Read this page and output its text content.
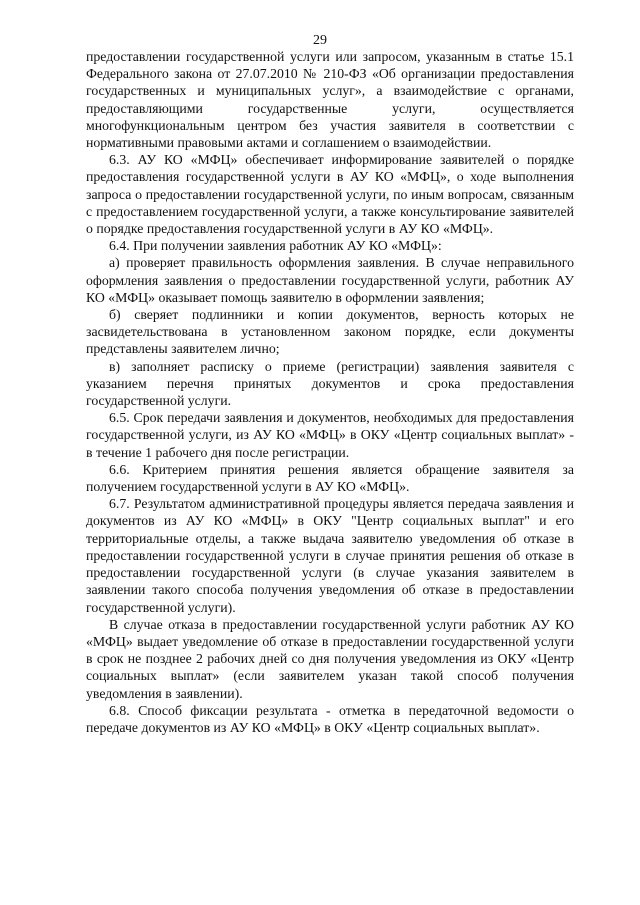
29

предоставлении государственной услуги или запросом, указанным в статье 15.1 Федерального закона от 27.07.2010 № 210-ФЗ «Об организации предоставления государственных и муниципальных услуг», а взаимодействие с органами, предоставляющими государственные услуги, осуществляется многофункциональным центром без участия заявителя в соответствии с нормативными правовыми актами и соглашением о взаимодействии.

6.3. АУ КО «МФЦ» обеспечивает информирование заявителей о порядке предоставления государственной услуги в АУ КО «МФЦ», о ходе выполнения запроса о предоставлении государственной услуги, по иным вопросам, связанным с предоставлением государственной услуги, а также консультирование заявителей о порядке предоставления государственной услуги в АУ КО «МФЦ».

6.4. При получении заявления работник АУ КО «МФЦ»:

а) проверяет правильность оформления заявления. В случае неправильного оформления заявления о предоставлении государственной услуги, работник АУ КО «МФЦ» оказывает помощь заявителю в оформлении заявления;

б) сверяет подлинники и копии документов, верность которых не засвидетельствована в установленном законом порядке, если документы представлены заявителем лично;

в) заполняет расписку о приеме (регистрации) заявления заявителя с указанием перечня принятых документов и срока предоставления государственной услуги.

6.5. Срок передачи заявления и документов, необходимых для предоставления государственной услуги, из АУ КО «МФЦ» в ОКУ «Центр социальных выплат» - в течение 1 рабочего дня после регистрации.

6.6. Критерием принятия решения является обращение заявителя за получением государственной услуги в АУ КО «МФЦ».

6.7. Результатом административной процедуры является передача заявления и документов из АУ КО «МФЦ» в ОКУ "Центр социальных выплат" и его территориальные отделы, а также выдача заявителю уведомления об отказе в предоставлении государственной услуги в случае принятия решения об отказе в предоставлении государственной услуги (в случае указания заявителем в заявлении такого способа получения уведомления об отказе в предоставлении государственной услуги).

В случае отказа в предоставлении государственной услуги работник АУ КО «МФЦ» выдает уведомление об отказе в предоставлении государственной услуги в срок не позднее 2 рабочих дней со дня получения уведомления из ОКУ «Центр социальных выплат» (если заявителем указан такой способ получения уведомления в заявлении).

6.8. Способ фиксации результата - отметка в передаточной ведомости о передаче документов из АУ КО «МФЦ» в ОКУ «Центр социальных выплат».
